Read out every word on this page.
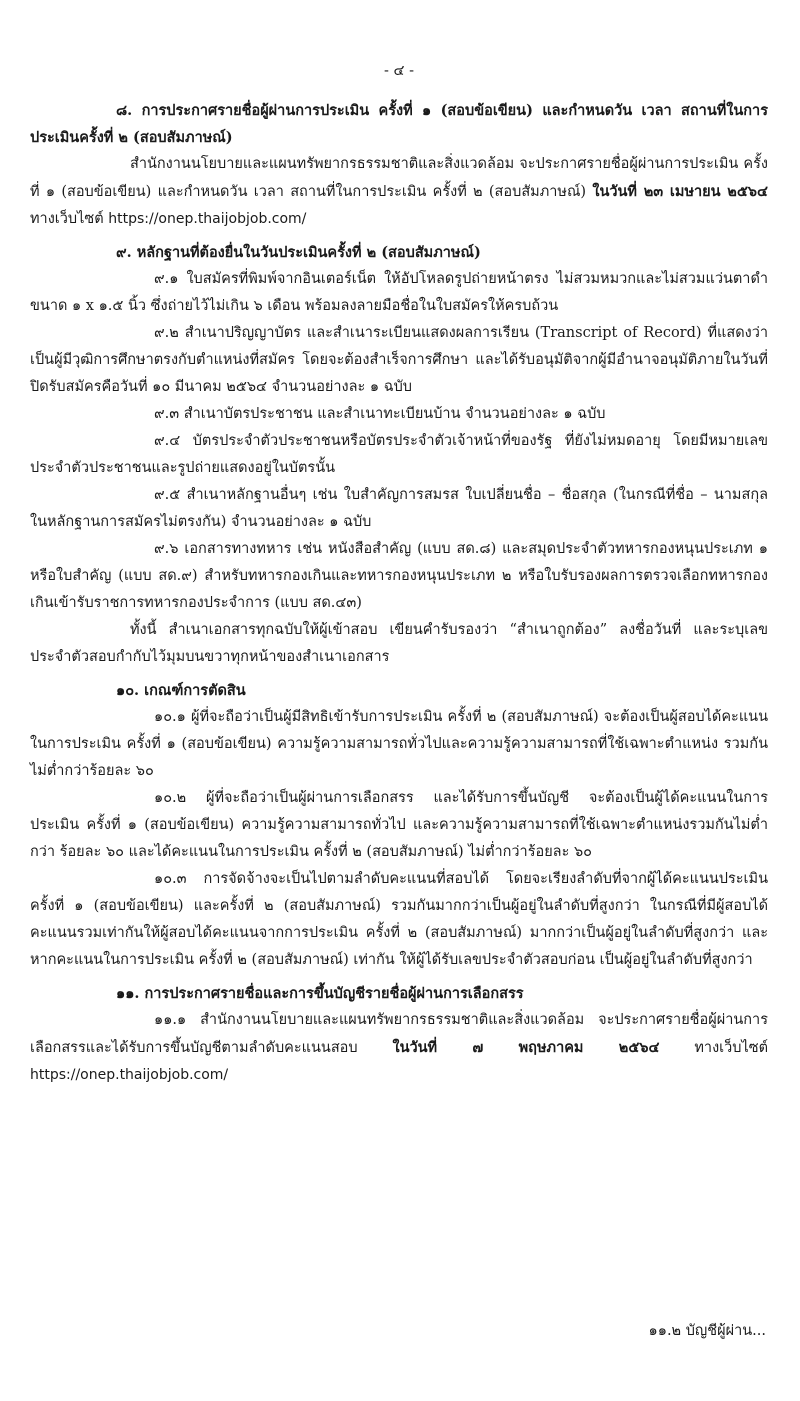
- ๔ -

๘. การประกาศรายชื่อผู้ผ่านการประเมิน ครั้งที่ ๑ (สอบข้อเขียน) และกำหนดวัน เวลา สถานที่ในการประเมินครั้งที่ ๒ (สอบสัมภาษณ์)

สำนักงานนโยบายและแผนทรัพยากรธรรมชาติและสิ่งแวดล้อม จะประกาศรายชื่อผู้ผ่านการประเมิน ครั้งที่ ๑ (สอบข้อเขียน) และกำหนดวัน เวลา สถานที่ในการประเมิน ครั้งที่ ๒ (สอบสัมภาษณ์) ในวันที่ ๒๓ เมษายน ๒๕๖๔ ทางเว็บไซต์ https://onep.thaijobjob.com/

๙. หลักฐานที่ต้องยื่นในวันประเมินครั้งที่ ๒ (สอบสัมภาษณ์)

๙.๑ ใบสมัครที่พิมพ์จากอินเตอร์เน็ต ให้อัปโหลดรูปถ่ายหน้าตรง ไม่สวมหมวกและไม่สวมแว่นตาดำ ขนาด ๑ x ๑.๕ นิ้ว ซึ่งถ่ายไว้ไม่เกิน ๖ เดือน พร้อมลงลายมือชื่อในใบสมัครให้ครบถ้วน

๙.๒ สำเนาปริญญาบัตร และสำเนาระเบียนแสดงผลการเรียน (Transcript of Record) ที่แสดงว่าเป็นผู้มีวุฒิการศึกษาตรงกับตำแหน่งที่สมัคร โดยจะต้องสำเร็จการศึกษา และได้รับอนุมัติจากผู้มีอำนาจอนุมัติภายในวันที่ปิดรับสมัครคือวันที่ ๑๐ มีนาคม ๒๕๖๔ จำนวนอย่างละ ๑ ฉบับ

๙.๓ สำเนาบัตรประชาชน และสำเนาทะเบียนบ้าน จำนวนอย่างละ ๑ ฉบับ

๙.๔ บัตรประจำตัวประชาชนหรือบัตรประจำตัวเจ้าหน้าที่ของรัฐ ที่ยังไม่หมดอายุ โดยมีหมายเลขประจำตัวประชาชนและรูปถ่ายแสดงอยู่ในบัตรนั้น

๙.๕ สำเนาหลักฐานอื่นๆ เช่น ใบสำคัญการสมรส ใบเปลี่ยนชื่อ – ชื่อสกุล (ในกรณีที่ชื่อ – นามสกุลในหลักฐานการสมัครไม่ตรงกัน) จำนวนอย่างละ ๑ ฉบับ

๙.๖ เอกสารทางทหาร เช่น หนังสือสำคัญ (แบบ สด.๘) และสมุดประจำตัวทหารกองหนุนประเภท ๑ หรือใบสำคัญ (แบบ สด.๙) สำหรับทหารกองเกินและทหารกองหนุนประเภท ๒ หรือใบรับรองผลการตรวจเลือกทหารกองเกินเข้ารับราชการทหารกองประจำการ (แบบ สด.๔๓)

ทั้งนี้ สำเนาเอกสารทุกฉบับให้ผู้เข้าสอบ เขียนคำรับรองว่า “สำเนาถูกต้อง” ลงชื่อวันที่ และระบุเลขประจำตัวสอบกำกับไว้มุมบนขวาทุกหน้าของสำเนาเอกสาร

๑๐. เกณฑ์การตัดสิน

๑๐.๑ ผู้ที่จะถือว่าเป็นผู้มีสิทธิเข้ารับการประเมิน ครั้งที่ ๒ (สอบสัมภาษณ์) จะต้องเป็นผู้สอบได้คะแนนในการประเมิน ครั้งที่ ๑ (สอบข้อเขียน) ความรู้ความสามารถทั่วไปและความรู้ความสามารถที่ใช้เฉพาะตำแหน่ง รวมกันไม่ต่ำกว่าร้อยละ ๖๐

๑๐.๒ ผู้ที่จะถือว่าเป็นผู้ผ่านการเลือกสรร และได้รับการขึ้นบัญชี จะต้องเป็นผู้ได้คะแนนในการประเมิน ครั้งที่ ๑ (สอบข้อเขียน) ความรู้ความสามารถทั่วไป และความรู้ความสามารถที่ใช้เฉพาะตำแหน่งรวมกันไม่ต่ำกว่า ร้อยละ ๖๐ และได้คะแนนในการประเมิน ครั้งที่ ๒ (สอบสัมภาษณ์) ไม่ต่ำกว่าร้อยละ ๖๐

๑๐.๓ การจัดจ้างจะเป็นไปตามลำดับคะแนนที่สอบได้ โดยจะเรียงลำดับที่จากผู้ได้คะแนนประเมิน ครั้งที่ ๑ (สอบข้อเขียน) และครั้งที่ ๒ (สอบสัมภาษณ์) รวมกันมากกว่าเป็นผู้อยู่ในลำดับที่สูงกว่า ในกรณีที่มีผู้สอบได้คะแนนรวมเท่ากันให้ผู้สอบได้คะแนนจากการประเมิน ครั้งที่ ๒ (สอบสัมภาษณ์) มากกว่าเป็นผู้อยู่ในลำดับที่สูงกว่า และหากคะแนนในการประเมิน ครั้งที่ ๒ (สอบสัมภาษณ์) เท่ากัน ให้ผู้ได้รับเลขประจำตัวสอบก่อน เป็นผู้อยู่ในลำดับที่สูงกว่า

๑๑. การประกาศรายชื่อและการขึ้นบัญชีรายชื่อผู้ผ่านการเลือกสรร

๑๑.๑ สำนักงานนโยบายและแผนทรัพยากรธรรมชาติและสิ่งแวดล้อม จะประกาศรายชื่อผู้ผ่านการเลือกสรรและได้รับการขึ้นบัญชีตามลำดับคะแนนสอบ ในวันที่ ๗ พฤษภาคม ๒๕๖๔ ทางเว็บไซต์ https://onep.thaijobjob.com/

๑๑.๒ บัญชีผู้ผ่าน...
